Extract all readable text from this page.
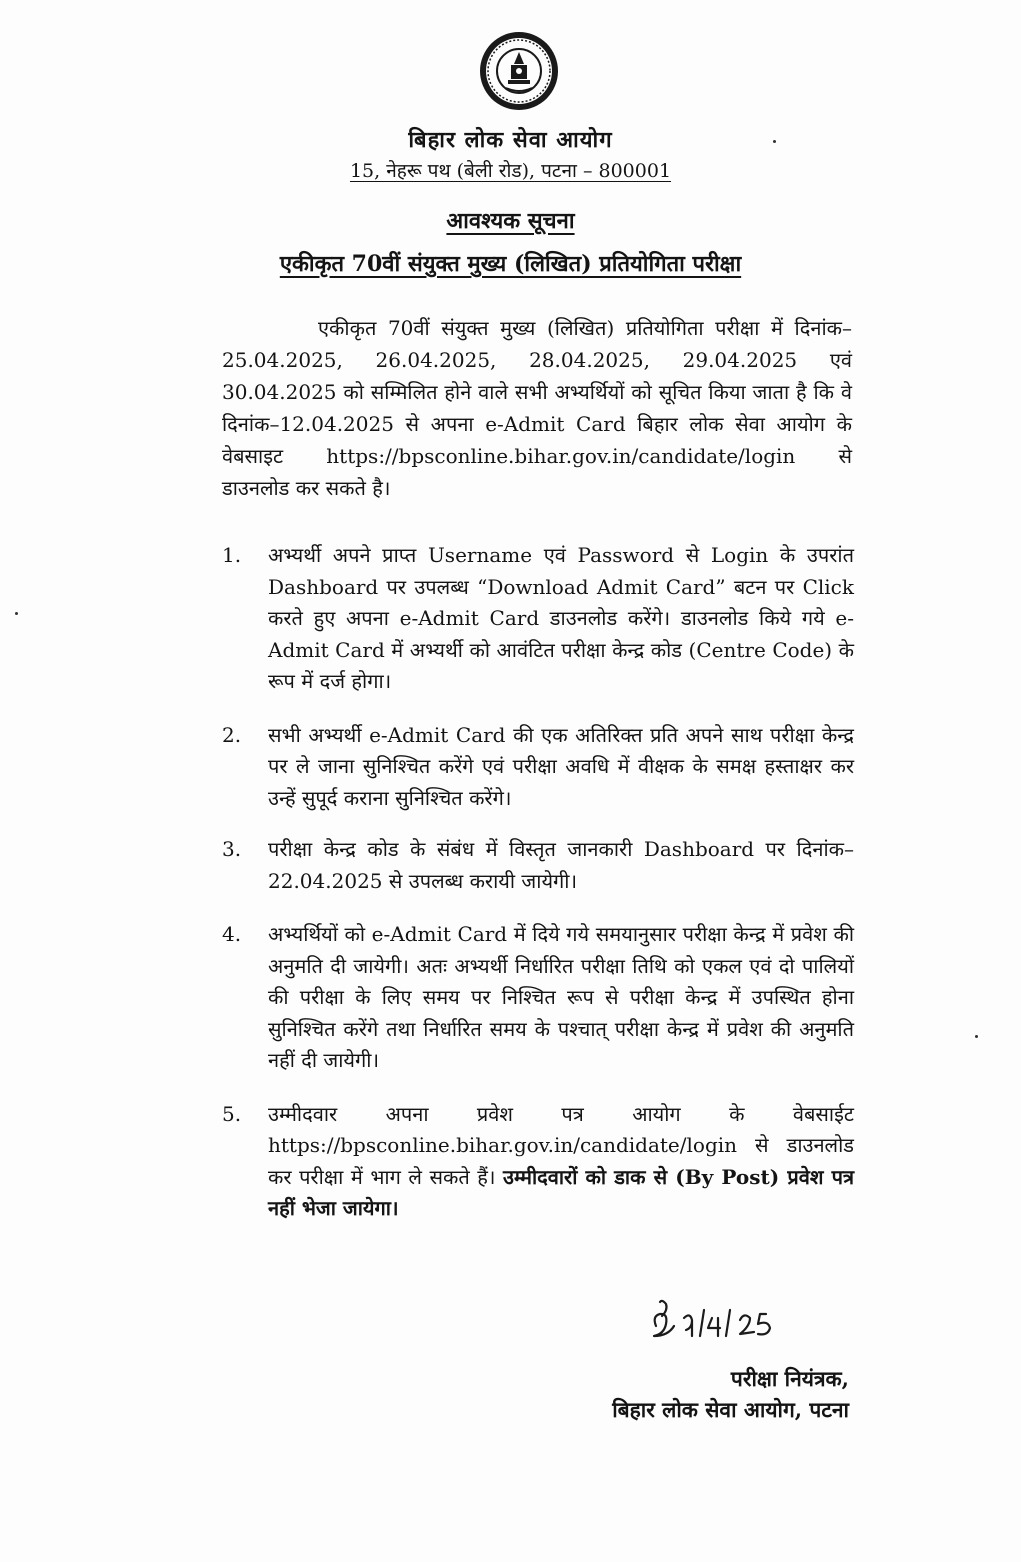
बिहार लोक सेवा आयोग
15, नेहरू पथ (बेली रोड), पटना – 800001
आवश्यक सूचना
एकीकृत 70वीं संयुक्त मुख्य (लिखित) प्रतियोगिता परीक्षा

एकीकृत 70वीं संयुक्त मुख्य (लिखित) प्रतियोगिता परीक्षा में दिनांक–25.04.2025, 26.04.2025, 28.04.2025, 29.04.2025 एवं 30.04.2025 को सम्मिलित होने वाले सभी अभ्यर्थियों को सूचित किया जाता है कि वे दिनांक–12.04.2025 से अपना e-Admit Card बिहार लोक सेवा आयोग के वेबसाइट https://bpsconline.bihar.gov.in/candidate/login से डाउनलोड कर सकते है।

1. अभ्यर्थी अपने प्राप्त Username एवं Password से Login के उपरांत Dashboard पर उपलब्ध “Download Admit Card” बटन पर Click करते हुए अपना e-Admit Card डाउनलोड करेंगे। डाउनलोड किये गये e-Admit Card में अभ्यर्थी को आवंटित परीक्षा केन्द्र कोड (Centre Code) के रूप में दर्ज होगा।
2. सभी अभ्यर्थी e-Admit Card की एक अतिरिक्त प्रति अपने साथ परीक्षा केन्द्र पर ले जाना सुनिश्चित करेंगे एवं परीक्षा अवधि में वीक्षक के समक्ष हस्ताक्षर कर उन्हें सुपूर्द कराना सुनिश्चित करेंगे।
3. परीक्षा केन्द्र कोड के संबंध में विस्तृत जानकारी Dashboard पर दिनांक–22.04.2025 से उपलब्ध करायी जायेगी।
4. अभ्यर्थियों को e-Admit Card में दिये गये समयानुसार परीक्षा केन्द्र में प्रवेश की अनुमति दी जायेगी। अतः अभ्यर्थी निर्धारित परीक्षा तिथि को एकल एवं दो पालियों की परीक्षा के लिए समय पर निश्चित रूप से परीक्षा केन्द्र में उपस्थित होना सुनिश्चित करेंगे तथा निर्धारित समय के पश्चात् परीक्षा केन्द्र में प्रवेश की अनुमति नहीं दी जायेगी।
5. उम्मीदवार अपना प्रवेश पत्र आयोग के वेबसाईट https://bpsconline.bihar.gov.in/candidate/login से डाउनलोड कर परीक्षा में भाग ले सकते हैं। उम्मीदवारों को डाक से (By Post) प्रवेश पत्र नहीं भेजा जायेगा।
परीक्षा नियंत्रक,
बिहार लोक सेवा आयोग, पटना
